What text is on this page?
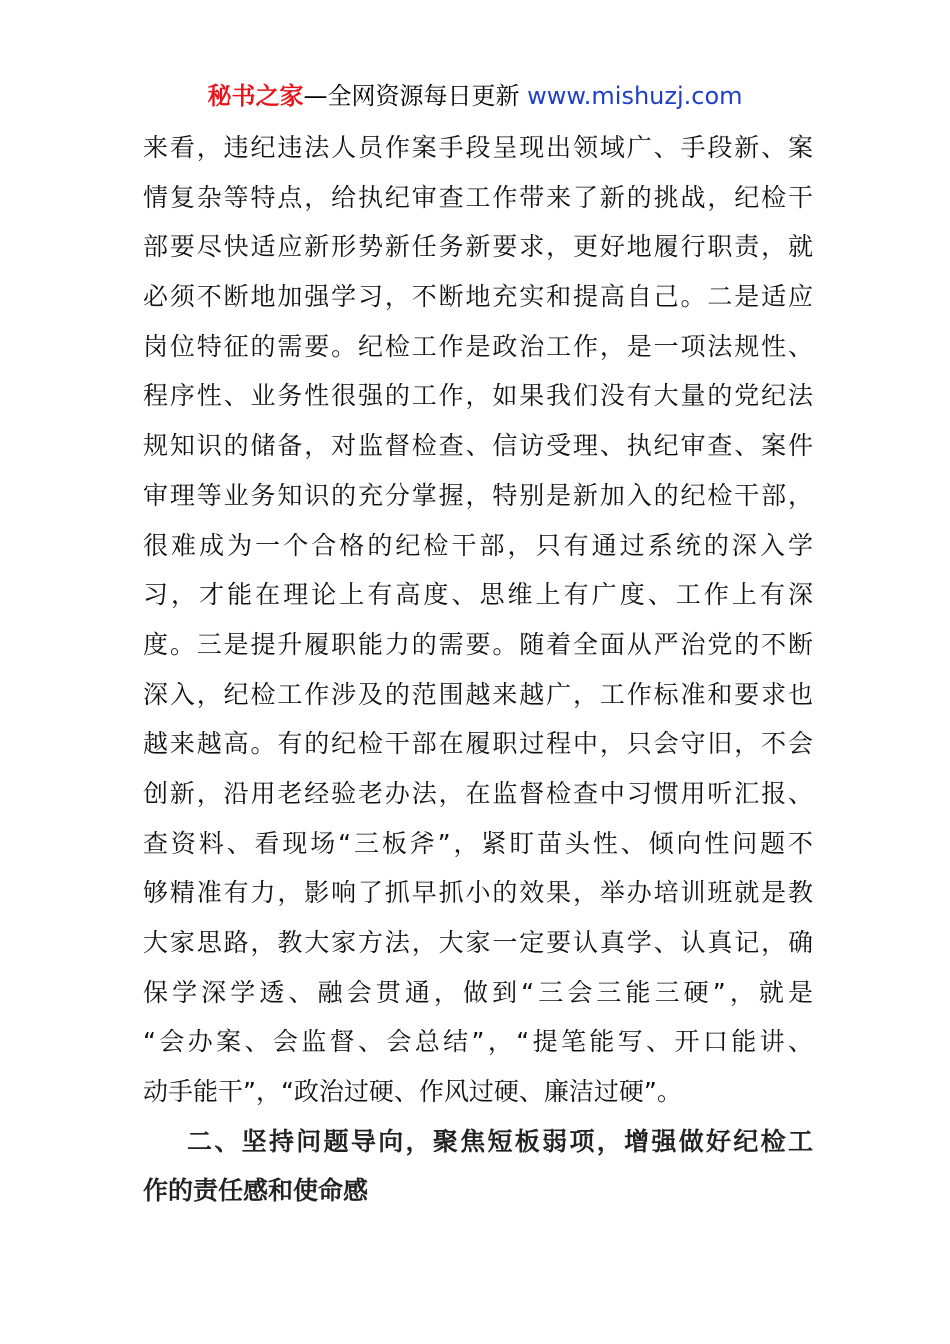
秘书之家—全网资源每日更新 www.mishuzj.com
来看，违纪违法人员作案手段呈现出领域广、手段新、案
情复杂等特点，给执纪审查工作带来了新的挑战，纪检干
部要尽快适应新形势新任务新要求，更好地履行职责，就
必须不断地加强学习，不断地充实和提高自己。二是适应
岗位特征的需要。纪检工作是政治工作，是一项法规性、
程序性、业务性很强的工作，如果我们没有大量的党纪法
规知识的储备，对监督检查、信访受理、执纪审查、案件
审理等业务知识的充分掌握，特别是新加入的纪检干部，
很难成为一个合格的纪检干部，只有通过系统的深入学
习，才能在理论上有高度、思维上有广度、工作上有深
度。三是提升履职能力的需要。随着全面从严治党的不断
深入，纪检工作涉及的范围越来越广，工作标准和要求也
越来越高。有的纪检干部在履职过程中，只会守旧，不会
创新，沿用老经验老办法，在监督检查中习惯用听汇报、
查资料、看现场“三板斧”，紧盯苗头性、倾向性问题不
够精准有力，影响了抓早抓小的效果，举办培训班就是教
大家思路，教大家方法，大家一定要认真学、认真记，确
保学深学透、融会贯通，做到“三会三能三硬”，就是
“会办案、会监督、会总结”，“提笔能写、开口能讲、
动手能干”，“政治过硬、作风过硬、廉洁过硬”。
二、坚持问题导向，聚焦短板弱项，增强做好纪检工
作的责任感和使命感
